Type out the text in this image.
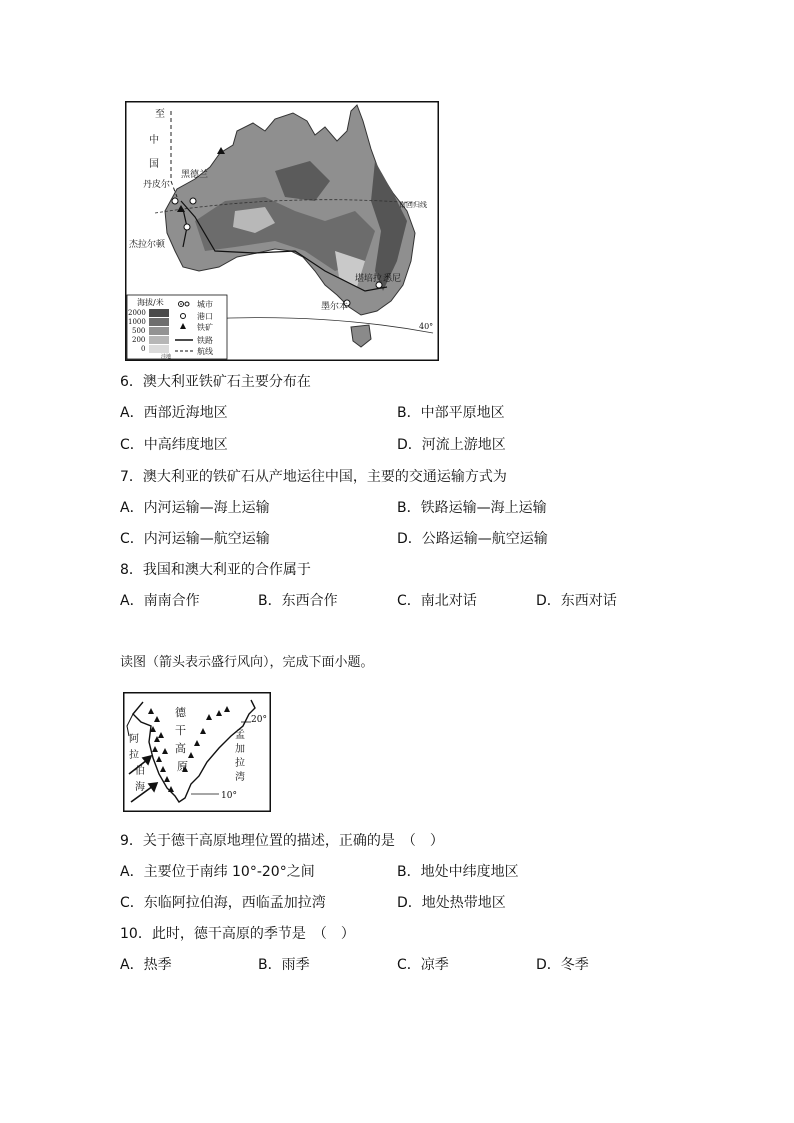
至
中
国
黑德兰
丹皮尔
杰拉尔顿
南回归线
堪培拉 悉尼
墨尔本
40°
海拔/米
2000
1000
500
200
0
洼地
城市
港口
铁矿
铁路
航线
6．澳大利亚铁矿石主要分布在
A．西部近海地区	B．中部平原地区
C．中高纬度地区	D．河流上游地区
7．澳大利亚的铁矿石从产地运往中国，主要的交通运输方式为
A．内河运输—海上运输	B．铁路运输—海上运输
C．内河运输—航空运输	D．公路运输—航空运输
8．我国和澳大利亚的合作属于
A．南南合作	B．东西合作	C．南北对话	D．东西对话
读图（箭头表示盛行风向），完成下面小题。
德
干
高
原
阿
拉
伯
海
孟
加
拉
湾
20°
10°
9．关于德干高原地理位置的描述，正确的是　（　）
A．主要位于南纬 10°-20°之间	B．地处中纬度地区
C．东临阿拉伯海，西临孟加拉湾	D．地处热带地区
10．此时，德干高原的季节是　（　）
A．热季	B．雨季	C．凉季	D．冬季
